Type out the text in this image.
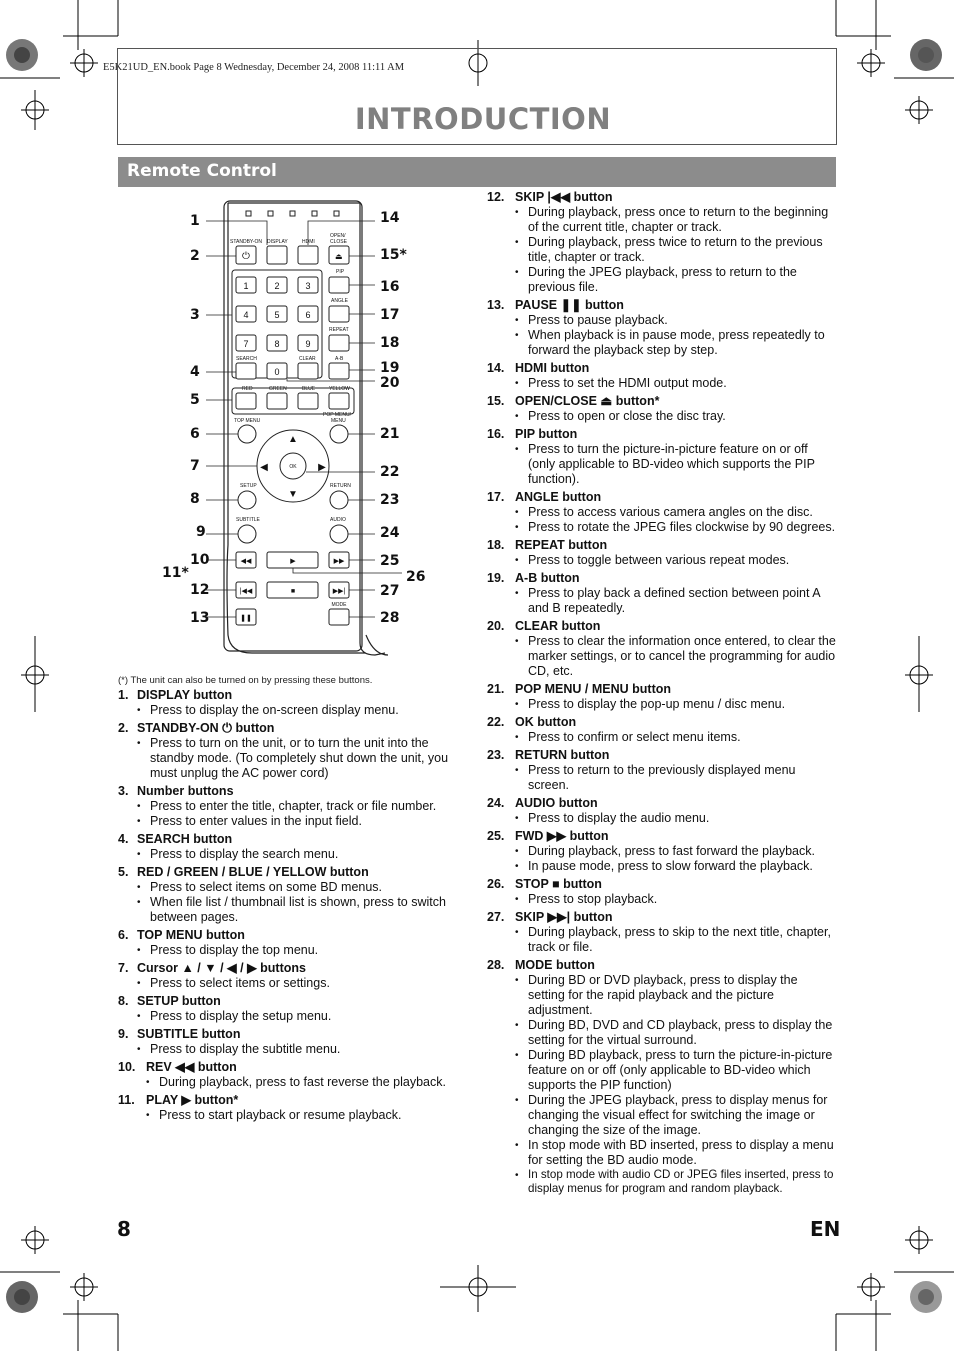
E5K21UD_EN.book Page 8 Wednesday, December 24, 2008 11:11 AM
INTRODUCTION
Remote Control
STANDBY-ON DISPLAY	HDMI
OPEN/
CLOSE
⏻	⏏
1	2	3
4	5	6
7	8	9
0
PIP
ANGLE
REPEAT
SEARCH	CLEAR	A-B
RED	GREEN	BLUE	YELLOW
TOP MENU
POP MENU/
MENU
OK
▲
▼
◀	▶
SETUP	RETURN
SUBTITLE	AUDIO
MODE
◀◀	▶	▶▶
|◀◀	■	▶▶|
❚❚
1
2
3
4
5
6
7
8
9
10
11*
12
13
14
15*
16
17
18
19
20
21
22
23
24
25
26
27
28
(*) The unit can also be turned on by pressing these buttons.
1. DISPLAY button
• Press to display the on-screen display menu.
2. STANDBY-ON ⏻ button
• Press to turn on the unit, or to turn the unit into the standby mode. (To completely shut down the unit, you must unplug the AC power cord)
3. Number buttons
• Press to enter the title, chapter, track or file number.
• Press to enter values in the input field.
4. SEARCH button
• Press to display the search menu.
5. RED / GREEN / BLUE / YELLOW button
• Press to select items on some BD menus.
• When file list / thumbnail list is shown, press to switch between pages.
6. TOP MENU button
• Press to display the top menu.
7. Cursor ▲ / ▼ / ◀ / ▶ buttons
• Press to select items or settings.
8. SETUP button
• Press to display the setup menu.
9. SUBTITLE button
• Press to display the subtitle menu.
10. REV ◀◀ button
• During playback, press to fast reverse the playback.
11. PLAY ▶ button*
• Press to start playback or resume playback.
12. SKIP |◀◀ button
• During playback, press once to return to the beginning of the current title, chapter or track.
• During playback, press twice to return to the previous title, chapter or track.
• During the JPEG playback, press to return to the previous file.
13. PAUSE ❚❚ button
• Press to pause playback.
• When playback is in pause mode, press repeatedly to forward the playback step by step.
14. HDMI button
• Press to set the HDMI output mode.
15. OPEN/CLOSE ⏏ button*
• Press to open or close the disc tray.
16. PIP button
• Press to turn the picture-in-picture feature on or off (only applicable to BD-video which supports the PIP function).
17. ANGLE button
• Press to access various camera angles on the disc.
• Press to rotate the JPEG files clockwise by 90 degrees.
18. REPEAT button
• Press to toggle between various repeat modes.
19. A-B button
• Press to play back a defined section between point A and B repeatedly.
20. CLEAR button
• Press to clear the information once entered, to clear the marker settings, or to cancel the programming for audio CD, etc.
21. POP MENU / MENU button
• Press to display the pop-up menu / disc menu.
22. OK button
• Press to confirm or select menu items.
23. RETURN button
• Press to return to the previously displayed menu screen.
24. AUDIO button
• Press to display the audio menu.
25. FWD ▶▶ button
• During playback, press to fast forward the playback.
• In pause mode, press to slow forward the playback.
26. STOP ■ button
• Press to stop playback.
27. SKIP ▶▶| button
• During playback, press to skip to the next title, chapter, track or file.
28. MODE button
• During BD or DVD playback, press to display the setting for the rapid playback and the picture adjustment.
• During BD, DVD and CD playback, press to display the setting for the virtual surround.
• During BD playback, press to turn the picture-in-picture feature on or off (only applicable to BD-video which supports the PIP function)
• During the JPEG playback, press to display menus for changing the visual effect for switching the image or changing the size of the image.
• In stop mode with BD inserted, press to display a menu for setting the BD audio mode.
• In stop mode with audio CD or JPEG files inserted, press to display menus for program and random playback.
8	EN
